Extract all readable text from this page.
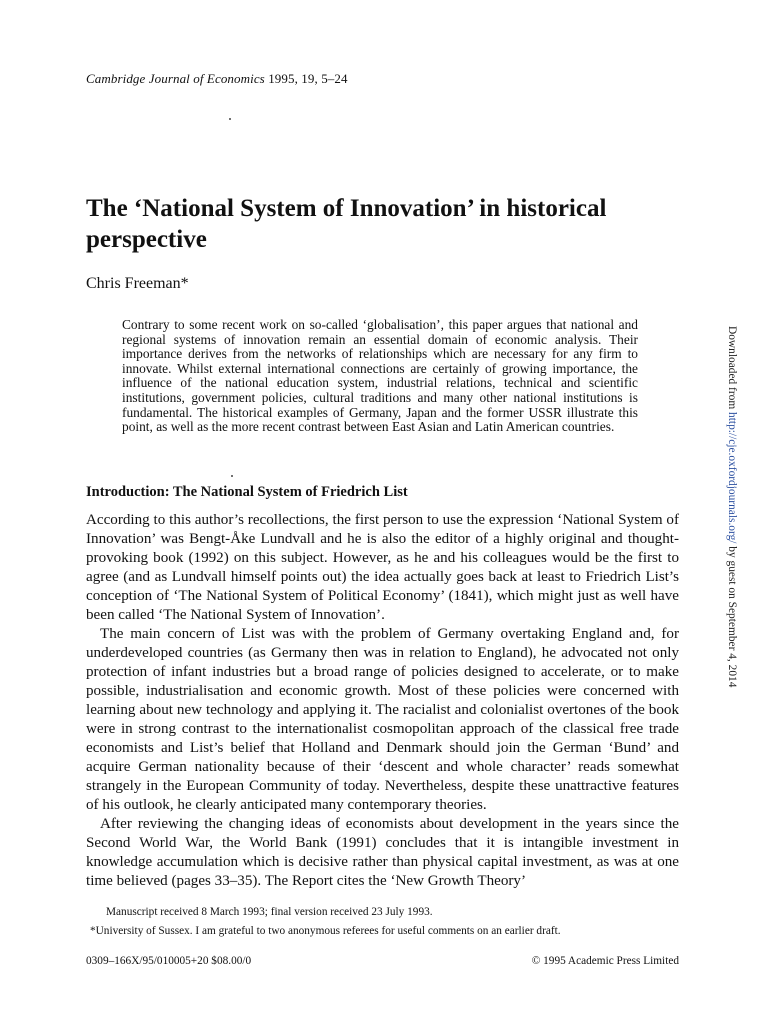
Cambridge Journal of Economics 1995, 19, 5–24
The ‘National System of Innovation’ in historical perspective
Chris Freeman*

Contrary to some recent work on so-called ‘globalisation’, this paper argues that national and regional systems of innovation remain an essential domain of economic analysis. Their importance derives from the networks of relationships which are necessary for any firm to innovate. Whilst external international connections are certainly of growing importance, the influence of the national education system, industrial relations, technical and scientific institutions, government policies, cultural traditions and many other national institutions is fundamental. The historical examples of Germany, Japan and the former USSR illustrate this point, as well as the more recent contrast between East Asian and Latin American countries.

Introduction: The National System of Friedrich List

According to this author’s recollections, the first person to use the expression ‘National System of Innovation’ was Bengt-Åke Lundvall and he is also the editor of a highly original and thought-provoking book (1992) on this subject. However, as he and his colleagues would be the first to agree (and as Lundvall himself points out) the idea actually goes back at least to Friedrich List’s conception of ‘The National System of Political Economy’ (1841), which might just as well have been called ‘The National System of Innovation’.

The main concern of List was with the problem of Germany overtaking England and, for underdeveloped countries (as Germany then was in relation to England), he advocated not only protection of infant industries but a broad range of policies designed to accelerate, or to make possible, industrialisation and economic growth. Most of these policies were concerned with learning about new technology and applying it. The racialist and colonialist overtones of the book were in strong contrast to the internationalist cosmopolitan approach of the classical free trade economists and List’s belief that Holland and Denmark should join the German ‘Bund’ and acquire German nationality because of their ‘descent and whole character’ reads somewhat strangely in the European Community of today. Nevertheless, despite these unattractive features of his outlook, he clearly anticipated many contemporary theories.

After reviewing the changing ideas of economists about development in the years since the Second World War, the World Bank (1991) concludes that it is intangible investment in knowledge accumulation which is decisive rather than physical capital investment, as was at one time believed (pages 33–35). The Report cites the ‘New Growth Theory’

Manuscript received 8 March 1993; final version received 23 July 1993.
*University of Sussex. I am grateful to two anonymous referees for useful comments on an earlier draft.
0309–166X/95/010005+20 $08.00/0	© 1995 Academic Press Limited
Downloaded from http://cje.oxfordjournals.org/ by guest on September 4, 2014
